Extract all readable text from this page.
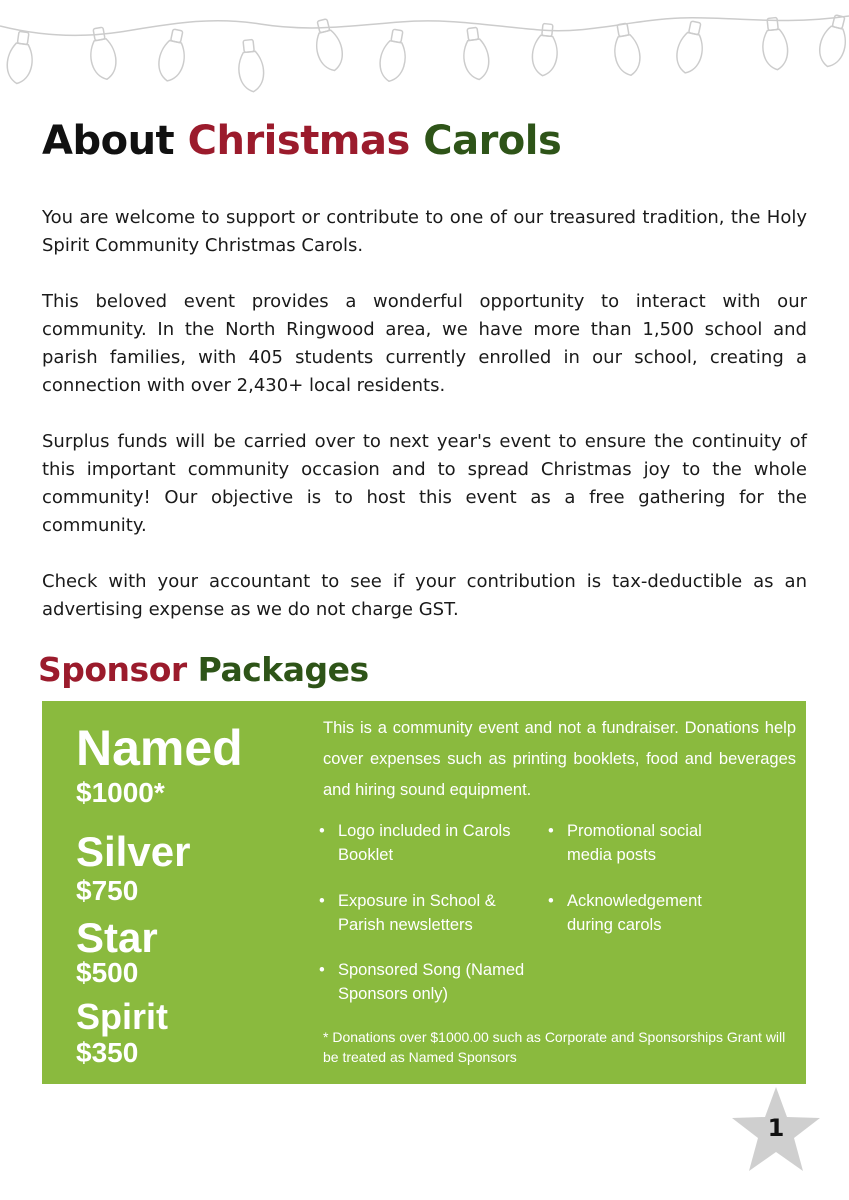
About Christmas Carols

You are welcome to support or contribute to one of our treasured tradition, the Holy Spirit Community Christmas Carols.

This beloved event provides a wonderful opportunity to interact with our community. In the North Ringwood area, we have more than 1,500 school and parish families, with 405 students currently enrolled in our school, creating a connection with over 2,430+ local residents.

Surplus funds will be carried over to next year's event to ensure the continuity of this important community occasion and to spread Christmas joy to the whole community! Our objective is to host this event as a free gathering for the community.

Check with your accountant to see if your contribution is tax-deductible as an advertising expense as we do not charge GST.

Sponsor Packages
Named
$1000*
Silver
$750
Star
$500
Spirit
$350

This is a community event and not a fundraiser. Donations help cover expenses such as printing booklets, food and beverages and hiring sound equipment.

• Logo included in Carols Booklet
• Promotional social media posts
• Exposure in School & Parish newsletters
• Acknowledgement during carols
• Sponsored Song (Named Sponsors only)

* Donations over $1000.00 such as Corporate and Sponsorships Grant will be treated as Named Sponsors

1
